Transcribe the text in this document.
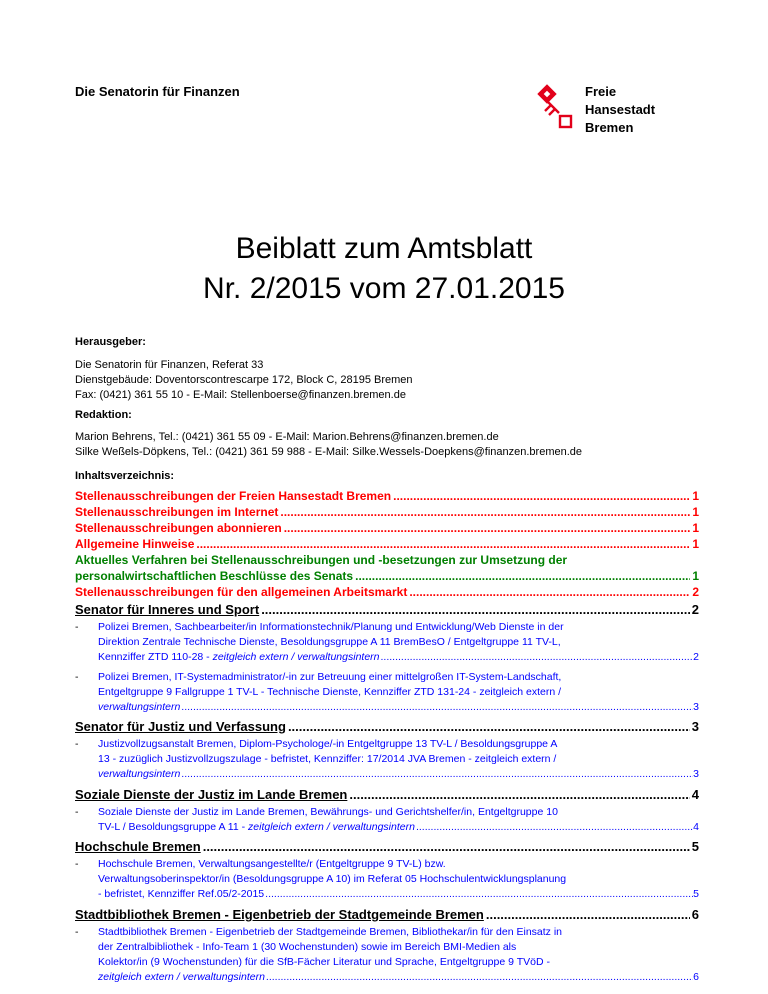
Die Senatorin für Finanzen	Freie
Hansestadt
Bremen
Beiblatt zum Amtsblatt
Nr. 2/2015 vom 27.01.2015
Herausgeber:
Die Senatorin für Finanzen, Referat 33
Dienstgebäude: Doventorscontrescarpe 172, Block C, 28195 Bremen
Fax: (0421) 361 55 10 - E-Mail: Stellenboerse@finanzen.bremen.de
Redaktion:
Marion Behrens, Tel.: (0421) 361 55 09 - E-Mail: Marion.Behrens@finanzen.bremen.de
Silke Weßels-Döpkens, Tel.: (0421) 361 59 988 - E-Mail: Silke.Wessels-Doepkens@finanzen.bremen.de
Inhaltsverzeichnis:
Stellenausschreibungen der Freien Hansestadt Bremen .....	1
Stellenausschreibungen im Internet .....	1
Stellenausschreibungen abonnieren .....	1
Allgemeine Hinweise .....	1
Aktuelles Verfahren bei Stellenausschreibungen und -besetzungen zur Umsetzung der
personalwirtschaftlichen Beschlüsse des Senats .....	1
Stellenausschreibungen für den allgemeinen Arbeitsmarkt .....	2
Senator für Inneres und Sport .....	2
- Polizei Bremen, Sachbearbeiter/in Informationstechnik/Planung und Entwicklung/Web Dienste in der
Direktion Zentrale Technische Dienste, Besoldungsgruppe A 11 BremBesO / Entgeltgruppe 11 TV-L,
Kennziffer ZTD 110-28 - zeitgleich extern / verwaltungsintern .....	2
- Polizei Bremen, IT-Systemadministrator/-in zur Betreuung einer mittelgroßen IT-System-Landschaft,
Entgeltgruppe 9 Fallgruppe 1 TV-L - Technische Dienste, Kennziffer ZTD 131-24 - zeitgleich extern /
verwaltungsintern .....	3
Senator für Justiz und Verfassung .....	3
- Justizvollzugsanstalt Bremen, Diplom-Psychologe/-in Entgeltgruppe 13 TV-L / Besoldungsgruppe A
13 - zuzüglich Justizvollzugszulage - befristet, Kennziffer: 17/2014 JVA Bremen - zeitgleich extern /
verwaltungsintern .....	3
Soziale Dienste der Justiz im Lande Bremen .....	4
- Soziale Dienste der Justiz im Lande Bremen, Bewährungs- und Gerichtshelfer/in, Entgeltgruppe 10
TV-L / Besoldungsgruppe A 11 - zeitgleich extern / verwaltungsintern .....	4
Hochschule Bremen .....	5
- Hochschule Bremen, Verwaltungsangestellte/r (Entgeltgruppe 9 TV-L) bzw.
Verwaltungsoberinspektor/in (Besoldungsgruppe A 10) im Referat 05 Hochschulentwicklungsplanung
- befristet, Kennziffer Ref.05/2-2015 .....	5
Stadtbibliothek Bremen - Eigenbetrieb der Stadtgemeinde Bremen .....	6
- Stadtbibliothek Bremen - Eigenbetrieb der Stadtgemeinde Bremen, Bibliothekar/in für den Einsatz in
der Zentralbibliothek - Info-Team 1 (30 Wochenstunden) sowie im Bereich BMI-Medien als
Kolektor/in (9 Wochenstunden) für die SfB-Fächer Literatur und Sprache, Entgeltgruppe 9 TVöD -
zeitgleich extern / verwaltungsintern .....	6
